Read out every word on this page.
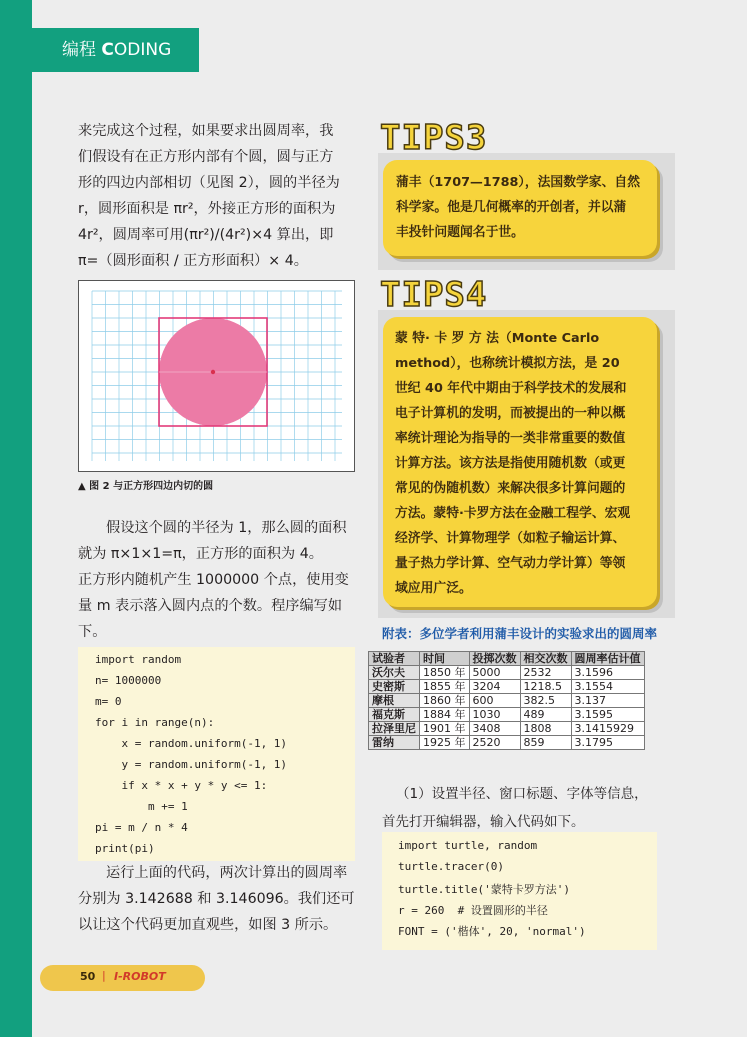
编程 CODING
来完成这个过程，如果要求出圆周率，我
们假设有在正方形内部有个圆，圆与正方
形的四边内部相切（见图 2），圆的半径为
r，圆形面积是 πr²，外接正方形的面积为
4r²，圆周率可用(πr²)/(4r²)×4 算出，即
π=（圆形面积 / 正方形面积）× 4。
▲ 图 2 与正方形四边内切的圆
假设这个圆的半径为 1，那么圆的面积
就为 π×1×1=π，正方形的面积为 4。
正方形内随机产生 1000000 个点，使用变
量 m 表示落入圆内点的个数。程序编写如
下。
import random
n= 1000000
m= 0
for i in range(n):
x = random.uniform(-1, 1)
y = random.uniform(-1, 1)
if x * x + y * y <= 1:
m += 1
pi = m / n * 4
print(pi)
运行上面的代码，两次计算出的圆周率
分别为 3.142688 和 3.146096。我们还可
以让这个代码更加直观些，如图 3 所示。
TIPS3
蒲丰（1707—1788），法国数学家、自然
科学家。他是几何概率的开创者，并以蒲
丰投针问题闻名于世。
TIPS4
蒙 特· 卡 罗 方 法（Monte Carlo
method），也称统计模拟方法，是 20
世纪 40 年代中期由于科学技术的发展和
电子计算机的发明，而被提出的一种以概
率统计理论为指导的一类非常重要的数值
计算方法。该方法是指使用随机数（或更
常见的伪随机数）来解决很多计算问题的
方法。蒙特·卡罗方法在金融工程学、宏观
经济学、计算物理学（如粒子输运计算、
量子热力学计算、空气动力学计算）等领
域应用广泛。
附表：多位学者利用蒲丰设计的实验求出的圆周率
试验者	时间	投掷次数	相交次数	圆周率估计值
沃尔夫	1850 年	5000	2532	3.1596
史密斯	1855 年	3204	1218.5	3.1554
摩根	1860 年	600	382.5	3.137
福克斯	1884 年	1030	489	3.1595
拉泽里尼	1901 年	3408	1808	3.1415929
雷纳	1925 年	2520	859	3.1795
（1）设置半径、窗口标题、字体等信息，
首先打开编辑器，输入代码如下。
import turtle, random
turtle.tracer(0)
turtle.title('蒙特卡罗方法')
r = 260  # 设置圆形的半径
FONT = ('楷体', 20, 'normal')
50 | I-ROBOT
